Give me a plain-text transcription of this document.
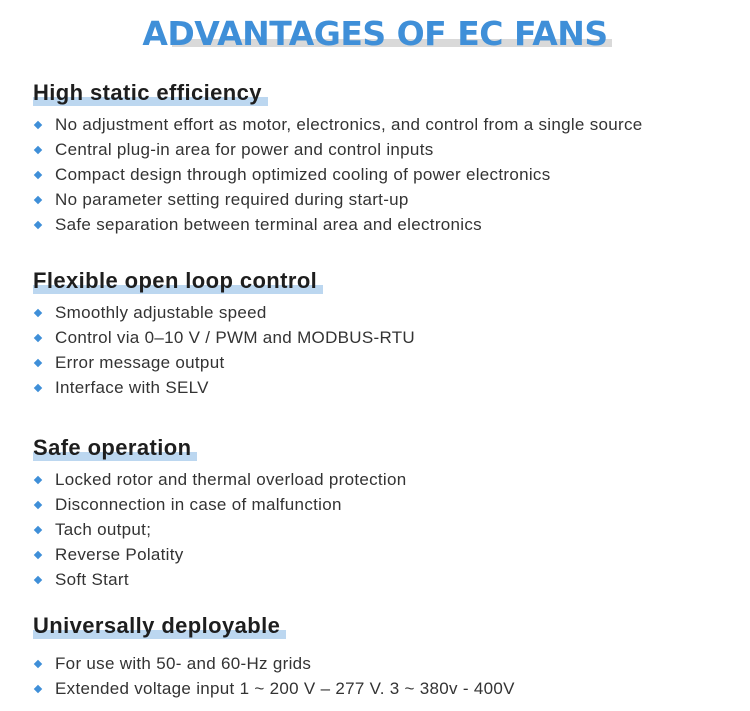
ADVANTAGES OF EC FANS
High static efficiency
No adjustment effort as motor, electronics, and control from a single source
Central plug-in area for power and control inputs
Compact design through optimized cooling of power electronics
No parameter setting required during start-up
Safe separation between terminal area and electronics
Flexible open loop control
Smoothly adjustable speed
Control via 0–10 V / PWM and MODBUS-RTU
Error message output
Interface with SELV
Safe operation
Locked rotor and thermal overload protection
Disconnection in case of malfunction
Tach output;
Reverse Polatity
Soft Start
Universally deployable
For use with 50- and 60-Hz grids
Extended voltage input 1 ~ 200 V – 277 V. 3 ~ 380v - 400V
